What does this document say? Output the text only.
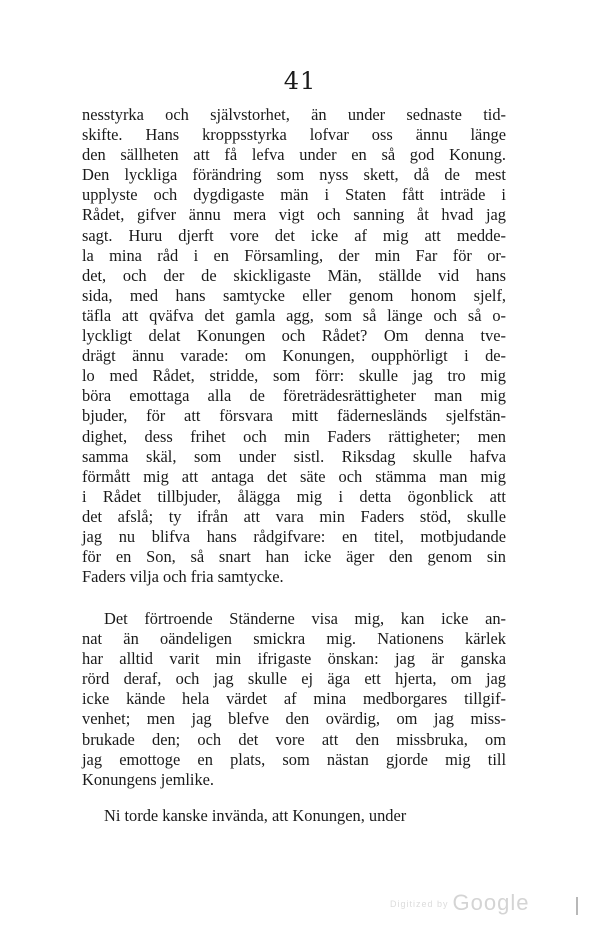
41
nesstyrka och självstorhet, än under sednaste tid-
skifte. Hans kroppsstyrka lofvar oss ännu länge
den sällheten att få lefva under en så god Konung.
Den lyckliga förändring som nyss skett, då de mest
upplyste och dygdigaste män i Staten fått inträde i
Rådet, gifver ännu mera vigt och sanning åt hvad jag
sagt. Huru djerft vore det icke af mig att medde-
la mina råd i en Församling, der min Far för or-
det, och der de skickligaste Män, ställde vid hans
sida, med hans samtycke eller genom honom sjelf,
täfla att qväfva det gamla agg, som så länge och så o-
lyckligt delat Konungen och Rådet? Om denna tve-
drägt ännu varade: om Konungen, oupphörligt i de-
lo med Rådet, stridde, som förr: skulle jag tro mig
böra emottaga alla de företrädesrättigheter man mig
bjuder, för att försvara mitt fädernesländs sjelfstän-
dighet, dess frihet och min Faders rättigheter; men
samma skäl, som under sistl. Riksdag skulle hafva
förmått mig att antaga det säte och stämma man mig
i Rådet tillbjuder, ålägga mig i detta ögonblick att
det afslå; ty ifrån att vara min Faders stöd, skulle
jag nu blifva hans rådgifvare: en titel, motbjudande
för en Son, så snart han icke äger den genom sin
Faders vilja och fria samtycke.
Det förtroende Ständerne visa mig, kan icke an-
nat än oändeligen smickra mig. Nationens kärlek
har alltid varit min ifrigaste önskan: jag är ganska
rörd deraf, och jag skulle ej äga ett hjerta, om jag
icke kände hela värdet af mina medborgares tillgif-
venhet; men jag blefve den ovärdig, om jag miss-
brukade den; och det vore att den missbruka, om
jag emottoge en plats, som nästan gjorde mig till
Konungens jemlike.
Ni torde kanske invända, att Konungen, under
Digitized by Google
